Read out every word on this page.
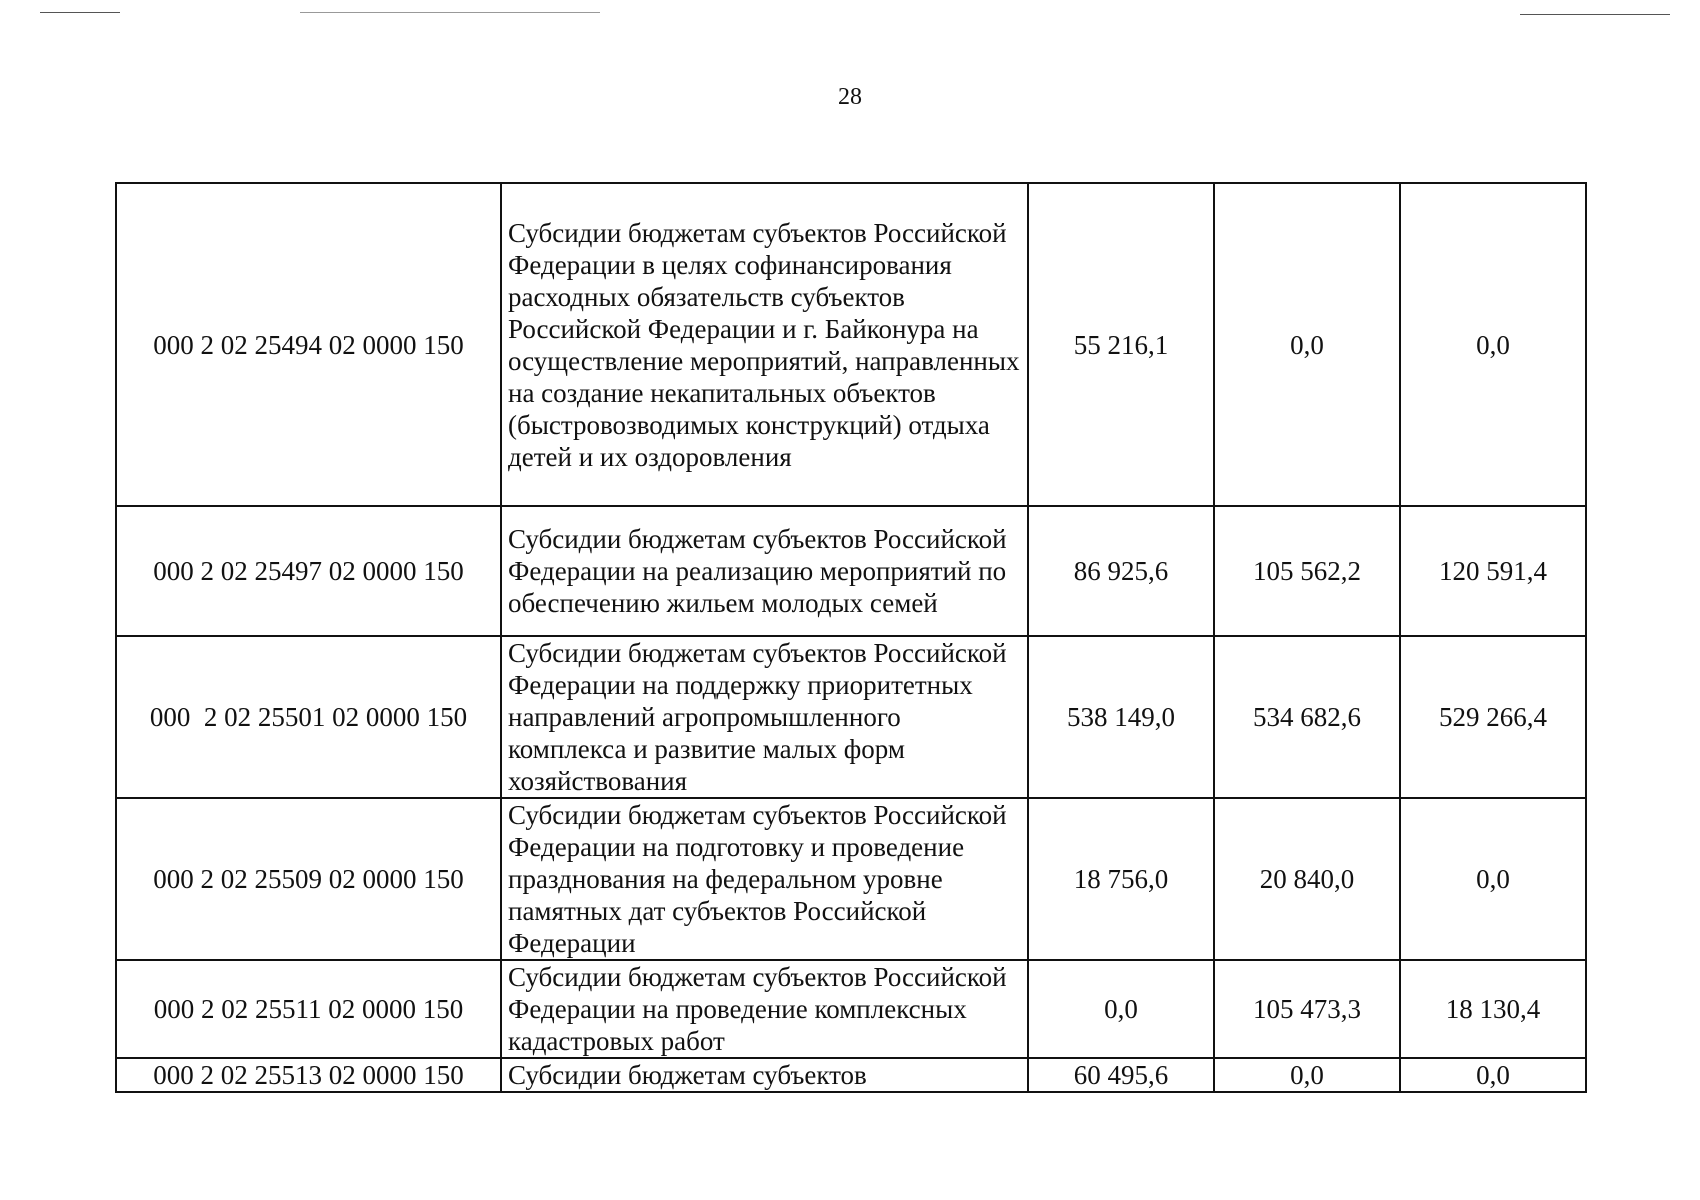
28
000 2 02 25494 02 0000 150	Субсидии бюджетам субъектов Российской Федерации в целях софинансирования расходных обязательств субъектов Российской Федерации и г. Байконура на осуществление мероприятий, направленных на создание некапитальных объектов (быстровозводимых конструкций) отдыха детей и их оздоровления	55 216,1	0,0	0,0
000 2 02 25497 02 0000 150	Субсидии бюджетам субъектов Российской Федерации на реализацию мероприятий по обеспечению жильем молодых семей	86 925,6	105 562,2	120 591,4
000  2 02 25501 02 0000 150	Субсидии бюджетам субъектов Российской Федерации на поддержку приоритетных направлений агропромышленного комплекса и развитие малых форм хозяйствования	538 149,0	534 682,6	529 266,4
000 2 02 25509 02 0000 150	Субсидии бюджетам субъектов Российской Федерации на подготовку и проведение празднования на федеральном уровне памятных дат субъектов Российской Федерации	18 756,0	20 840,0	0,0
000 2 02 25511 02 0000 150	Субсидии бюджетам субъектов Российской Федерации на проведение комплексных кадастровых работ	0,0	105 473,3	18 130,4
000 2 02 25513 02 0000 150	Субсидии бюджетам субъектов	60 495,6	0,0	0,0
